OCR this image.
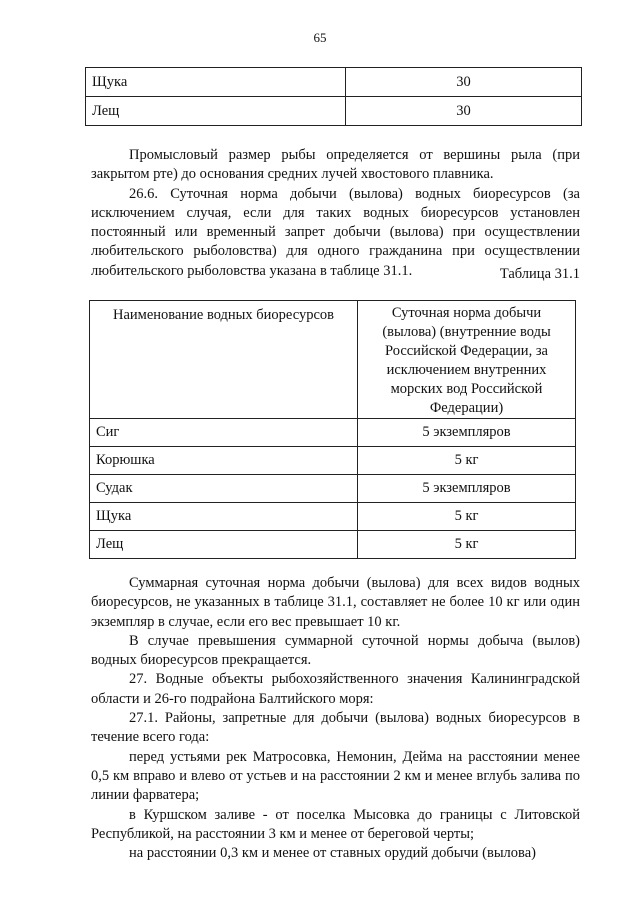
65
Щука	30
Лещ	30

Промысловый размер рыбы определяется от вершины рыла (при закрытом рте) до основания средних лучей хвостового плавника.

26.6. Суточная норма добычи (вылова) водных биоресурсов (за исключением случая, если для таких водных биоресурсов установлен постоянный или временный запрет добычи (вылова) при осуществлении любительского рыболовства) для одного гражданина при осуществлении любительского рыболовства указана в таблице 31.1.	Таблица 31.1
Наименование водных биоресурсов	Суточная норма добычи (вылова) (внутренние воды Российской Федерации, за исключением внутренних морских вод Российской Федерации)
Сиг	5 экземпляров
Корюшка	5 кг
Судак	5 экземпляров
Щука	5 кг
Лещ	5 кг

Суммарная суточная норма добычи (вылова) для всех видов водных биоресурсов, не указанных в таблице 31.1, составляет не более 10 кг или один экземпляр в случае, если его вес превышает 10 кг.

В случае превышения суммарной суточной нормы добыча (вылов) водных биоресурсов прекращается.

27. Водные объекты рыбохозяйственного значения Калининградской области и 26-го подрайона Балтийского моря:

27.1. Районы, запретные для добычи (вылова) водных биоресурсов в течение всего года:

перед устьями рек Матросовка, Немонин, Дейма на расстоянии менее 0,5 км вправо и влево от устьев и на расстоянии 2 км и менее вглубь залива по линии фарватера;

в Куршском заливе - от поселка Мысовка до границы с Литовской Республикой, на расстоянии 3 км и менее от береговой черты;

на расстоянии 0,3 км и менее от ставных орудий добычи (вылова)
